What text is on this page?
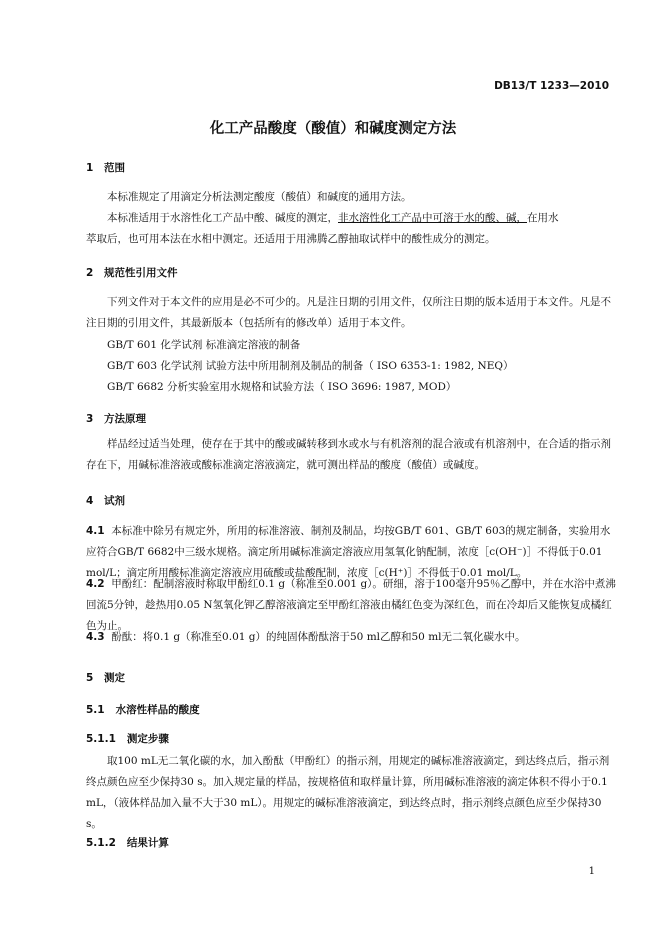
DB13/T 1233—2010
化工产品酸度（酸值）和碱度测定方法
1 范围
本标准规定了用滴定分析法测定酸度（酸值）和碱度的通用方法。
本标准适用于水溶性化工产品中酸、碱度的测定，非水溶性化工产品中可溶于水的酸、碱，在用水
萃取后，也可用本法在水相中测定。还适用于用沸腾乙醇抽取试样中的酸性成分的测定。
2 规范性引用文件
下列文件对于本文件的应用是必不可少的。凡是注日期的引用文件，仅所注日期的版本适用于本文件。凡是不注日期的引用文件，其最新版本（包括所有的修改单）适用于本文件。
GB/T 601 化学试剂 标准滴定溶液的制备
GB/T 603 化学试剂 试验方法中所用制剂及制品的制备（ ISO 6353-1: 1982, NEQ）
GB/T 6682 分析实验室用水规格和试验方法（ ISO 3696: 1987, MOD）
3 方法原理
样品经过适当处理，使存在于其中的酸或碱转移到水或水与有机溶剂的混合液或有机溶剂中，在合适的指示剂存在下，用碱标准溶液或酸标准滴定溶液滴定，就可测出样品的酸度（酸值）或碱度。
4 试剂
4.1 本标准中除另有规定外，所用的标准溶液、制剂及制品，均按GB/T 601、GB/T 603的规定制备，实验用水应符合GB/T 6682中三级水规格。滴定所用碱标准滴定溶液应用氢氧化钠配制，浓度［c(OH⁻)］不得低于0.01 mol/L；滴定所用酸标准滴定溶液应用硫酸或盐酸配制，浓度［c(H⁺)］不得低于0.01 mol/L。
4.2 甲酚红：配制溶液时称取甲酚红0.1 g（称准至0.001 g）。研细，溶于100毫升95％乙醇中，并在水浴中煮沸回流5分钟，趁热用0.05 N氢氧化钾乙醇溶液滴定至甲酚红溶液由橘红色变为深红色，而在冷却后又能恢复成橘红色为止。
4.3 酚酞：将0.1 g（称准至0.01 g）的纯固体酚酞溶于50 ml乙醇和50 ml无二氧化碳水中。
5 测定
5.1 水溶性样品的酸度
5.1.1 测定步骤
取100 mL无二氧化碳的水，加入酚酞（甲酚红）的指示剂，用规定的碱标准溶液滴定，到达终点后，指示剂终点颜色应至少保持30 s。加入规定量的样品，按规格值和取样量计算，所用碱标准溶液的滴定体积不得小于0.1 mL，（液体样品加入量不大于30 mL）。用规定的碱标准溶液滴定，到达终点时，指示剂终点颜色应至少保持30 s。
5.1.2 结果计算
1
